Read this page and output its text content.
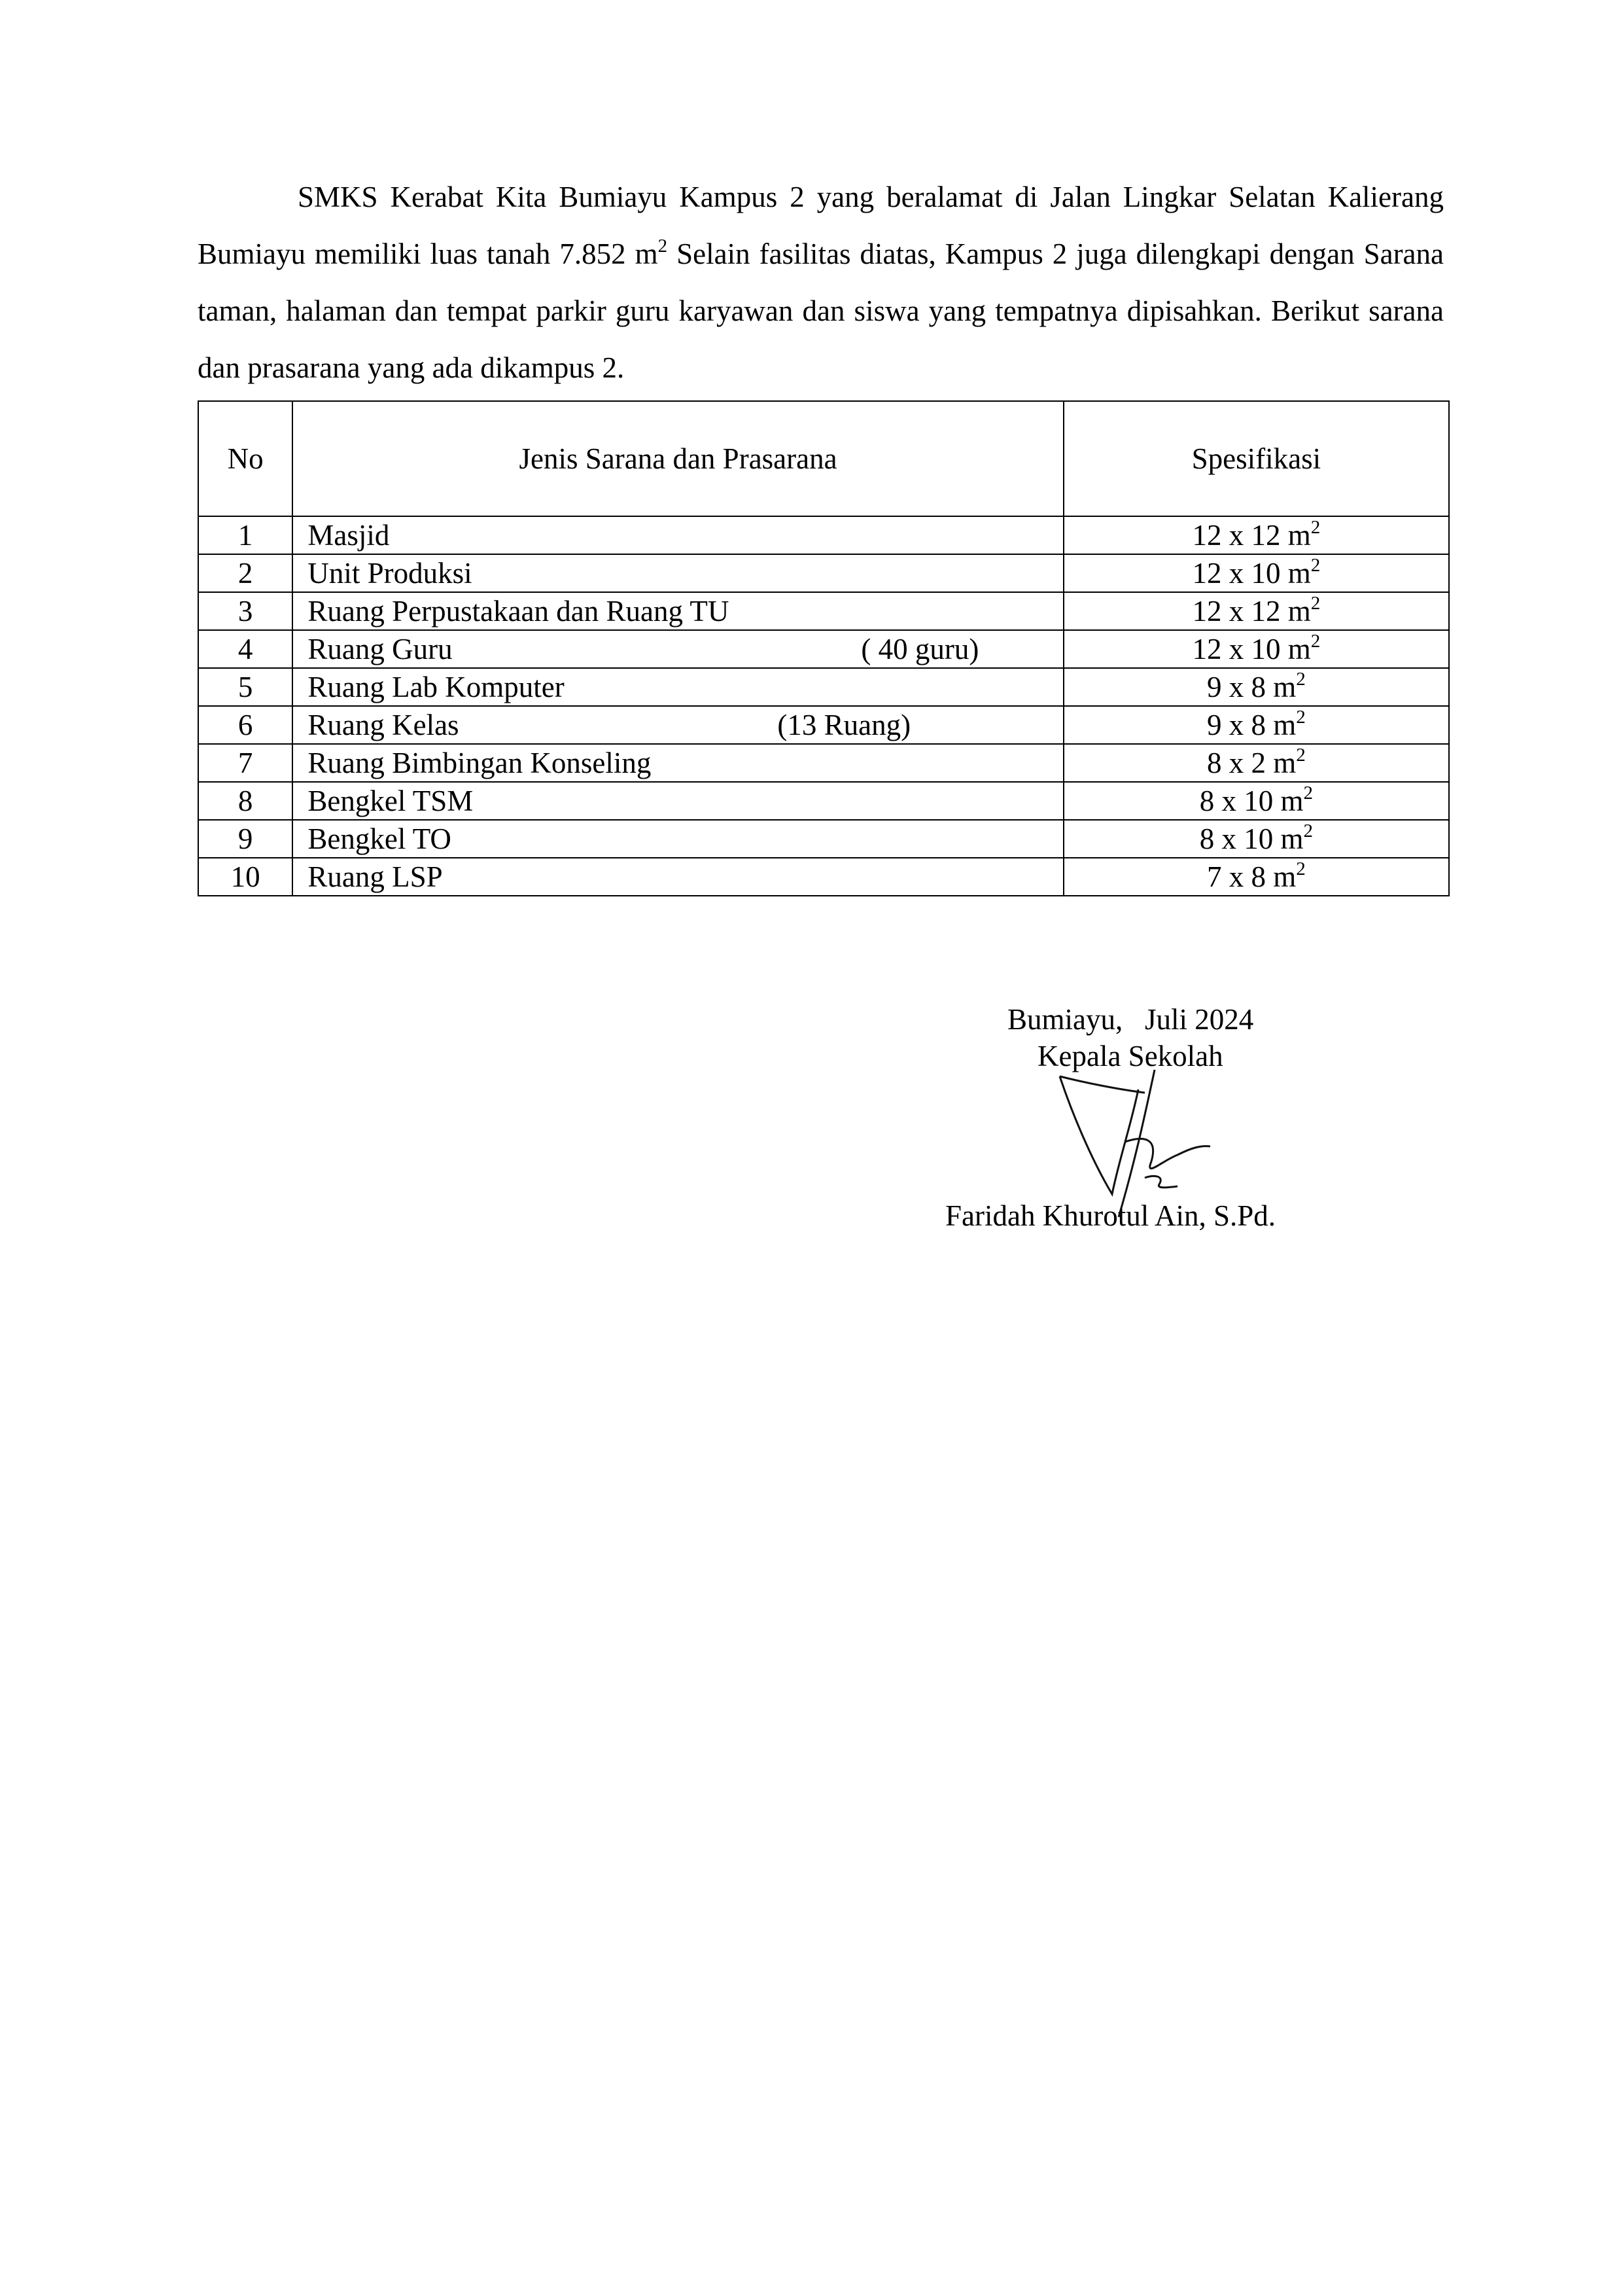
SMKS Kerabat Kita Bumiayu Kampus 2 yang beralamat di Jalan Lingkar Selatan Kalierang Bumiayu memiliki luas tanah 7.852 $m^2$ Selain fasilitas diatas, Kampus 2 juga dilengkapi dengan Sarana taman, halaman dan tempat parkir guru karyawan dan siswa yang tempatnya dipisahkan. Berikut sarana dan prasarana yang ada dikampus 2.

No	Jenis Sarana dan Prasarana	Spesifikasi
1	Masjid	12 x 12 $m^2$
2	Unit Produksi	12 x 10 $m^2$
3	Ruang Perpustakaan dan Ruang TU	12 x 12 $m^2$
4	Ruang Guru ( 40 guru)	12 x 10 $m^2$
5	Ruang Lab Komputer	9 x 8 $m^2$
6	Ruang Kelas (13 Ruang)	9 x 8 $m^2$
7	Ruang Bimbingan Konseling	8 x 2 $m^2$
8	Bengkel TSM	8 x 10 $m^2$
9	Bengkel TO	8 x 10 $m^2$
10	Ruang LSP	7 x 8 $m^2$
Bumiayu,   Juli 2024
Kepala Sekolah
Faridah Khurotul Ain, S.Pd.
